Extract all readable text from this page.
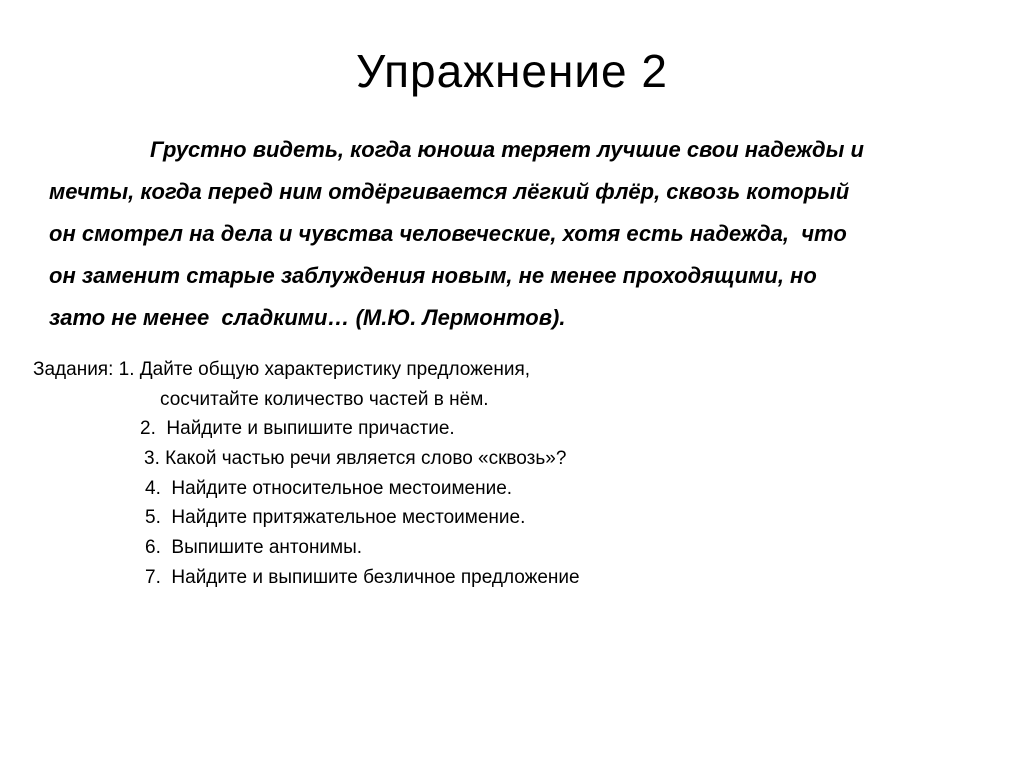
Упражнение 2
Грустно видеть, когда юноша теряет лучшие свои надежды и
мечты, когда перед ним отдёргивается лёгкий флёр, сквозь который
он смотрел на дела и чувства человеческие, хотя есть надежда,  что
он заменит старые заблуждения новым, не менее проходящими, но
зато не менее  сладкими… (М.Ю. Лермонтов).
Задания: 1. Дайте общую характеристику предложения,
сосчитайте количество частей в нём.
2.  Найдите и выпишите причастие.
3. Какой частью речи является слово «сквозь»?
4.  Найдите относительное местоимение.
5.  Найдите притяжательное местоимение.
6.  Выпишите антонимы.
7.  Найдите и выпишите безличное предложение
